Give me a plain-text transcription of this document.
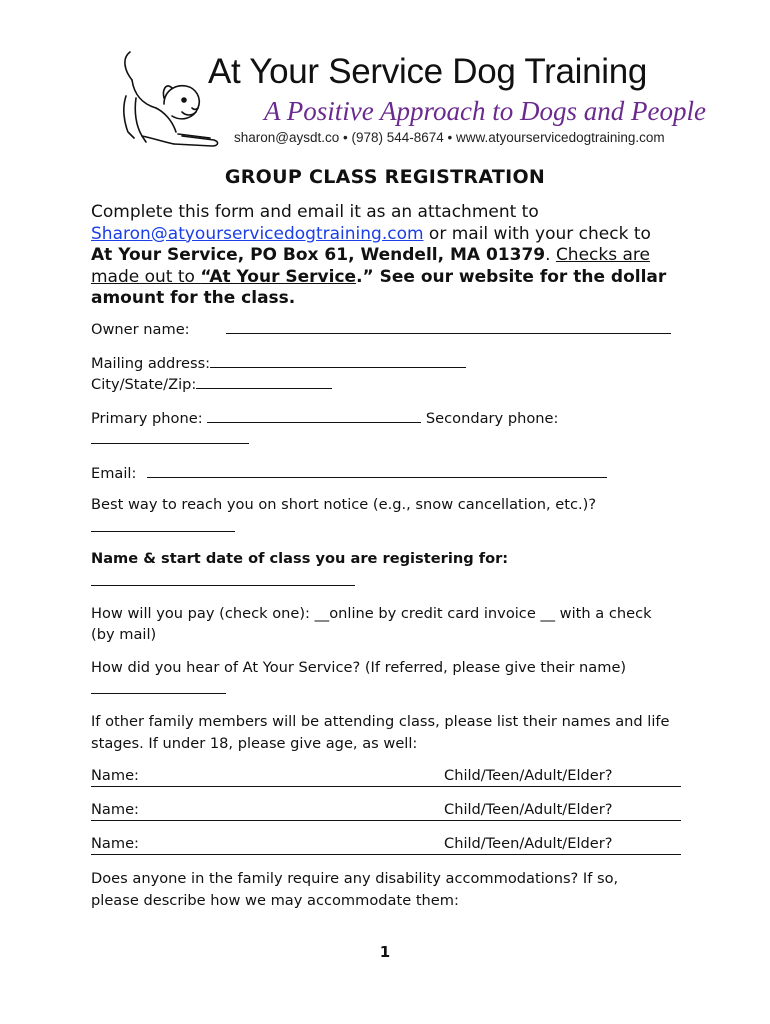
At Your Service Dog Training
A Positive Approach to Dogs and People
sharon@aysdt.co • (978) 544-8674 • www.atyourservicedogtraining.com
GROUP CLASS REGISTRATION
Complete this form and email it as an attachment to
Sharon@atyourservicedogtraining.com or mail with your check to
At Your Service, PO Box 61, Wendell, MA 01379. Checks are made out to “At Your Service.” See our website for the dollar amount for the class.
Owner name:
Mailing address:
City/State/Zip:
Primary phone:	Secondary phone:
Email:
Best way to reach you on short notice (e.g., snow cancellation, etc.)?
Name & start date of class you are registering for:
How will you pay (check one): __online by credit card invoice __ with a check
(by mail)
How did you hear of At Your Service? (If referred, please give their name)
If other family members will be attending class, please list their names and life stages. If under 18, please give age, as well:
Name:	Child/Teen/Adult/Elder?
Name:	Child/Teen/Adult/Elder?
Name:	Child/Teen/Adult/Elder?
Does anyone in the family require any disability accommodations? If so, please describe how we may accommodate them:
1
